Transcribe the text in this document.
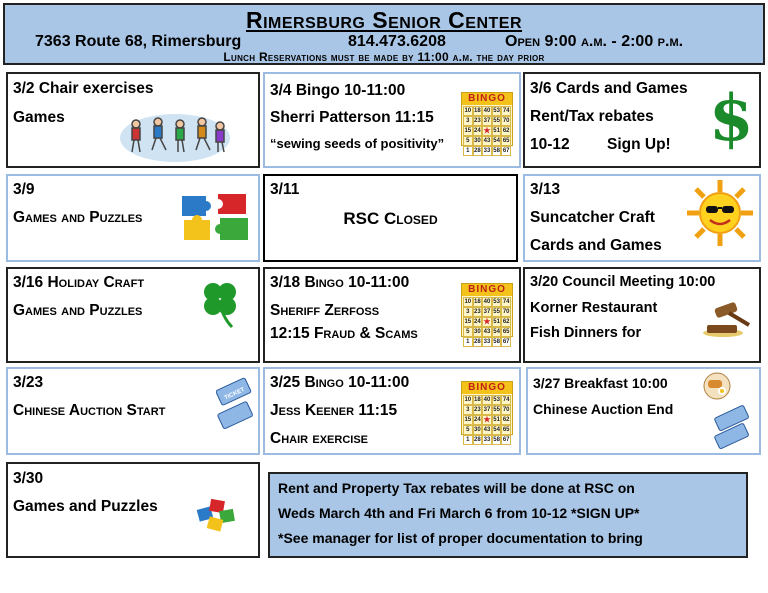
Rimersburg Senior Center
7363 Route 68, Rimersburg	814.473.6208	Open 9:00 a.m. - 2:00 p.m.
Lunch Reservations must be made by 11:00 a.m. the day prior
3/2 Chair exercises
Games
3/4 Bingo 10-11:00
Sherri Patterson 11:15
“sewing seeds of positivity”
BINGO
10 18 40 53 74
3 23 37 55 70
15 24 ★ 51 62
5 30 43 54 65
1 28 33 58 67
3/6 Cards and Games
Rent/Tax rebates
10-12 Sign Up! $
3/9
Games and Puzzles
3/11
RSC Closed
3/13
Suncatcher Craft
Cards and Games
3/16 Holiday Craft
Games and Puzzles
3/18 Bingo 10-11:00
Sheriff Zerfoss
12:15 Fraud & Scams
BINGO
10 18 40 53 74
3 23 37 55 70
15 24 ★ 51 62
5 30 43 54 65
1 28 33 58 67
3/20 Council Meeting 10:00
Korner Restaurant
Fish Dinners for
3/23
Chinese Auction Start
TICKET
3/25 Bingo 10-11:00
Jess Keener 11:15
Chair exercise
BINGO
10 18 40 53 74
3 23 37 55 70
15 24 ★ 51 62
5 30 43 54 65
1 28 33 58 67
3/27 Breakfast 10:00
Chinese Auction End
3/30
Games and Puzzles
Rent and Property Tax rebates will be done at RSC on
Weds March 4th and Fri March 6 from 10-12 *SIGN UP*
*See manager for list of proper documentation to bring
